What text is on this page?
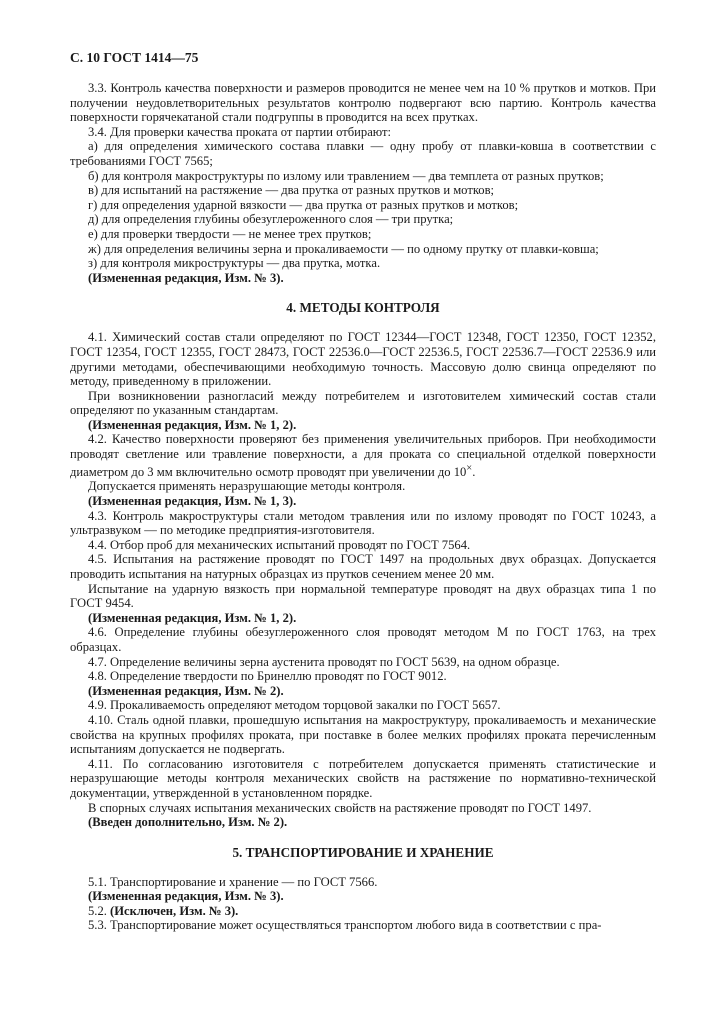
С. 10 ГОСТ 1414—75

3.3. Контроль качества поверхности и размеров проводится не менее чем на 10 % прутков и мотков. При получении неудовлетворительных результатов контролю подвергают всю партию. Контроль качества поверхности горячекатаной стали подгруппы в проводится на всех прутках.

3.4. Для проверки качества проката от партии отбирают:

а) для определения химического состава плавки — одну пробу от плавки-ковша в соответствии с требованиями ГОСТ 7565;

б) для контроля макроструктуры по излому или травлением — два темплета от разных прутков;

в) для испытаний на растяжение — два прутка от разных прутков и мотков;

г) для определения ударной вязкости — два прутка от разных прутков и мотков;

д) для определения глубины обезуглероженного слоя — три прутка;

е) для проверки твердости — не менее трех прутков;

ж) для определения величины зерна и прокаливаемости — по одному прутку от плавки-ковша;

з) для контроля микроструктуры — два прутка, мотка.

(Измененная редакция, Изм. № 3).

4. МЕТОДЫ КОНТРОЛЯ

4.1. Химический состав стали определяют по ГОСТ 12344—ГОСТ 12348, ГОСТ 12350, ГОСТ 12352, ГОСТ 12354, ГОСТ 12355, ГОСТ 28473, ГОСТ 22536.0—ГОСТ 22536.5, ГОСТ 22536.7—ГОСТ 22536.9 или другими методами, обеспечивающими необходимую точность. Массовую долю свинца определяют по методу, приведенному в приложении.

При возникновении разногласий между потребителем и изготовителем химический состав стали определяют по указанным стандартам.

(Измененная редакция, Изм. № 1, 2).

4.2. Качество поверхности проверяют без применения увеличительных приборов. При необходимости проводят светление или травление поверхности, а для проката со специальной отделкой поверхности диаметром до 3 мм включительно осмотр проводят при увеличении до 10×.

Допускается применять неразрушающие методы контроля.

(Измененная редакция, Изм. № 1, 3).

4.3. Контроль макроструктуры стали методом травления или по излому проводят по ГОСТ 10243, а ультразвуком — по методике предприятия-изготовителя.

4.4. Отбор проб для механических испытаний проводят по ГОСТ 7564.

4.5. Испытания на растяжение проводят по ГОСТ 1497 на продольных двух образцах. Допускается проводить испытания на натурных образцах из прутков сечением менее 20 мм.

Испытание на ударную вязкость при нормальной температуре проводят на двух образцах типа 1 по ГОСТ 9454.

(Измененная редакция, Изм. № 1, 2).

4.6. Определение глубины обезуглероженного слоя проводят методом М по ГОСТ 1763, на трех образцах.

4.7. Определение величины зерна аустенита проводят по ГОСТ 5639, на одном образце.

4.8. Определение твердости по Бринеллю проводят по ГОСТ 9012.

(Измененная редакция, Изм. № 2).

4.9. Прокаливаемость определяют методом торцовой закалки по ГОСТ 5657.

4.10. Сталь одной плавки, прошедшую испытания на макроструктуру, прокаливаемость и механические свойства на крупных профилях проката, при поставке в более мелких профилях проката перечисленным испытаниям допускается не подвергать.

4.11. По согласованию изготовителя с потребителем допускается применять статистические и неразрушающие методы контроля механических свойств на растяжение по нормативно-технической документации, утвержденной в установленном порядке.

В спорных случаях испытания механических свойств на растяжение проводят по ГОСТ 1497.

(Введен дополнительно, Изм. № 2).

5. ТРАНСПОРТИРОВАНИЕ И ХРАНЕНИЕ

5.1. Транспортирование и хранение — по ГОСТ 7566.

(Измененная редакция, Изм. № 3).

5.2. (Исключен, Изм. № 3).

5.3. Транспортирование может осуществляться транспортом любого вида в соответствии с пра-
